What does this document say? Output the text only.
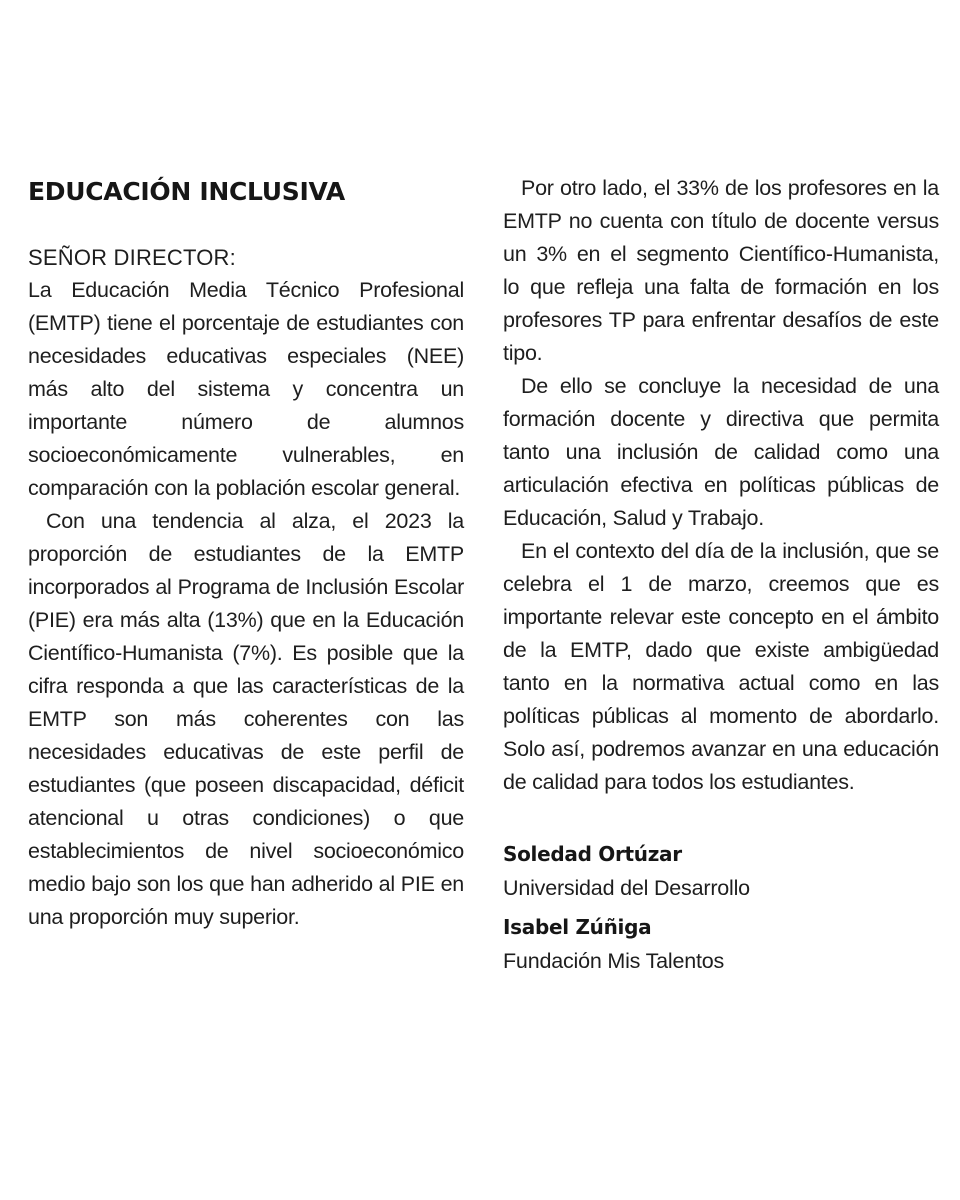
EDUCACIÓN INCLUSIVA

SEÑOR DIRECTOR:

La Educación Media Técnico Profesional (EMTP) tiene el porcentaje de estudiantes con necesidades educativas especiales (NEE) más alto del sistema y concentra un importante número de alumnos socioeconómicamente vulnerables, en comparación con la población escolar general.

Con una tendencia al alza, el 2023 la proporción de estudiantes de la EMTP incorporados al Programa de Inclusión Escolar (PIE) era más alta (13%) que en la Educación Científico-Humanista (7%). Es posible que la cifra responda a que las características de la EMTP son más coherentes con las necesidades educativas de este perfil de estudiantes (que poseen discapacidad, déficit atencional u otras condiciones) o que establecimientos de nivel socioeconómico medio bajo son los que han adherido al PIE en una proporción muy superior.

Por otro lado, el 33% de los profesores en la EMTP no cuenta con título de docente versus un 3% en el segmento Científico-Humanista, lo que refleja una falta de formación en los profesores TP para enfrentar desafíos de este tipo.

De ello se concluye la necesidad de una formación docente y directiva que permita tanto una inclusión de calidad como una articulación efectiva en políticas públicas de Educación, Salud y Trabajo.

En el contexto del día de la inclusión, que se celebra el 1 de marzo, creemos que es importante relevar este concepto en el ámbito de la EMTP, dado que existe ambigüedad tanto en la normativa actual como en las políticas públicas al momento de abordarlo. Solo así, podremos avanzar en una educación de calidad para todos los estudiantes.

Soledad Ortúzar

Universidad del Desarrollo

Isabel Zúñiga

Fundación Mis Talentos
